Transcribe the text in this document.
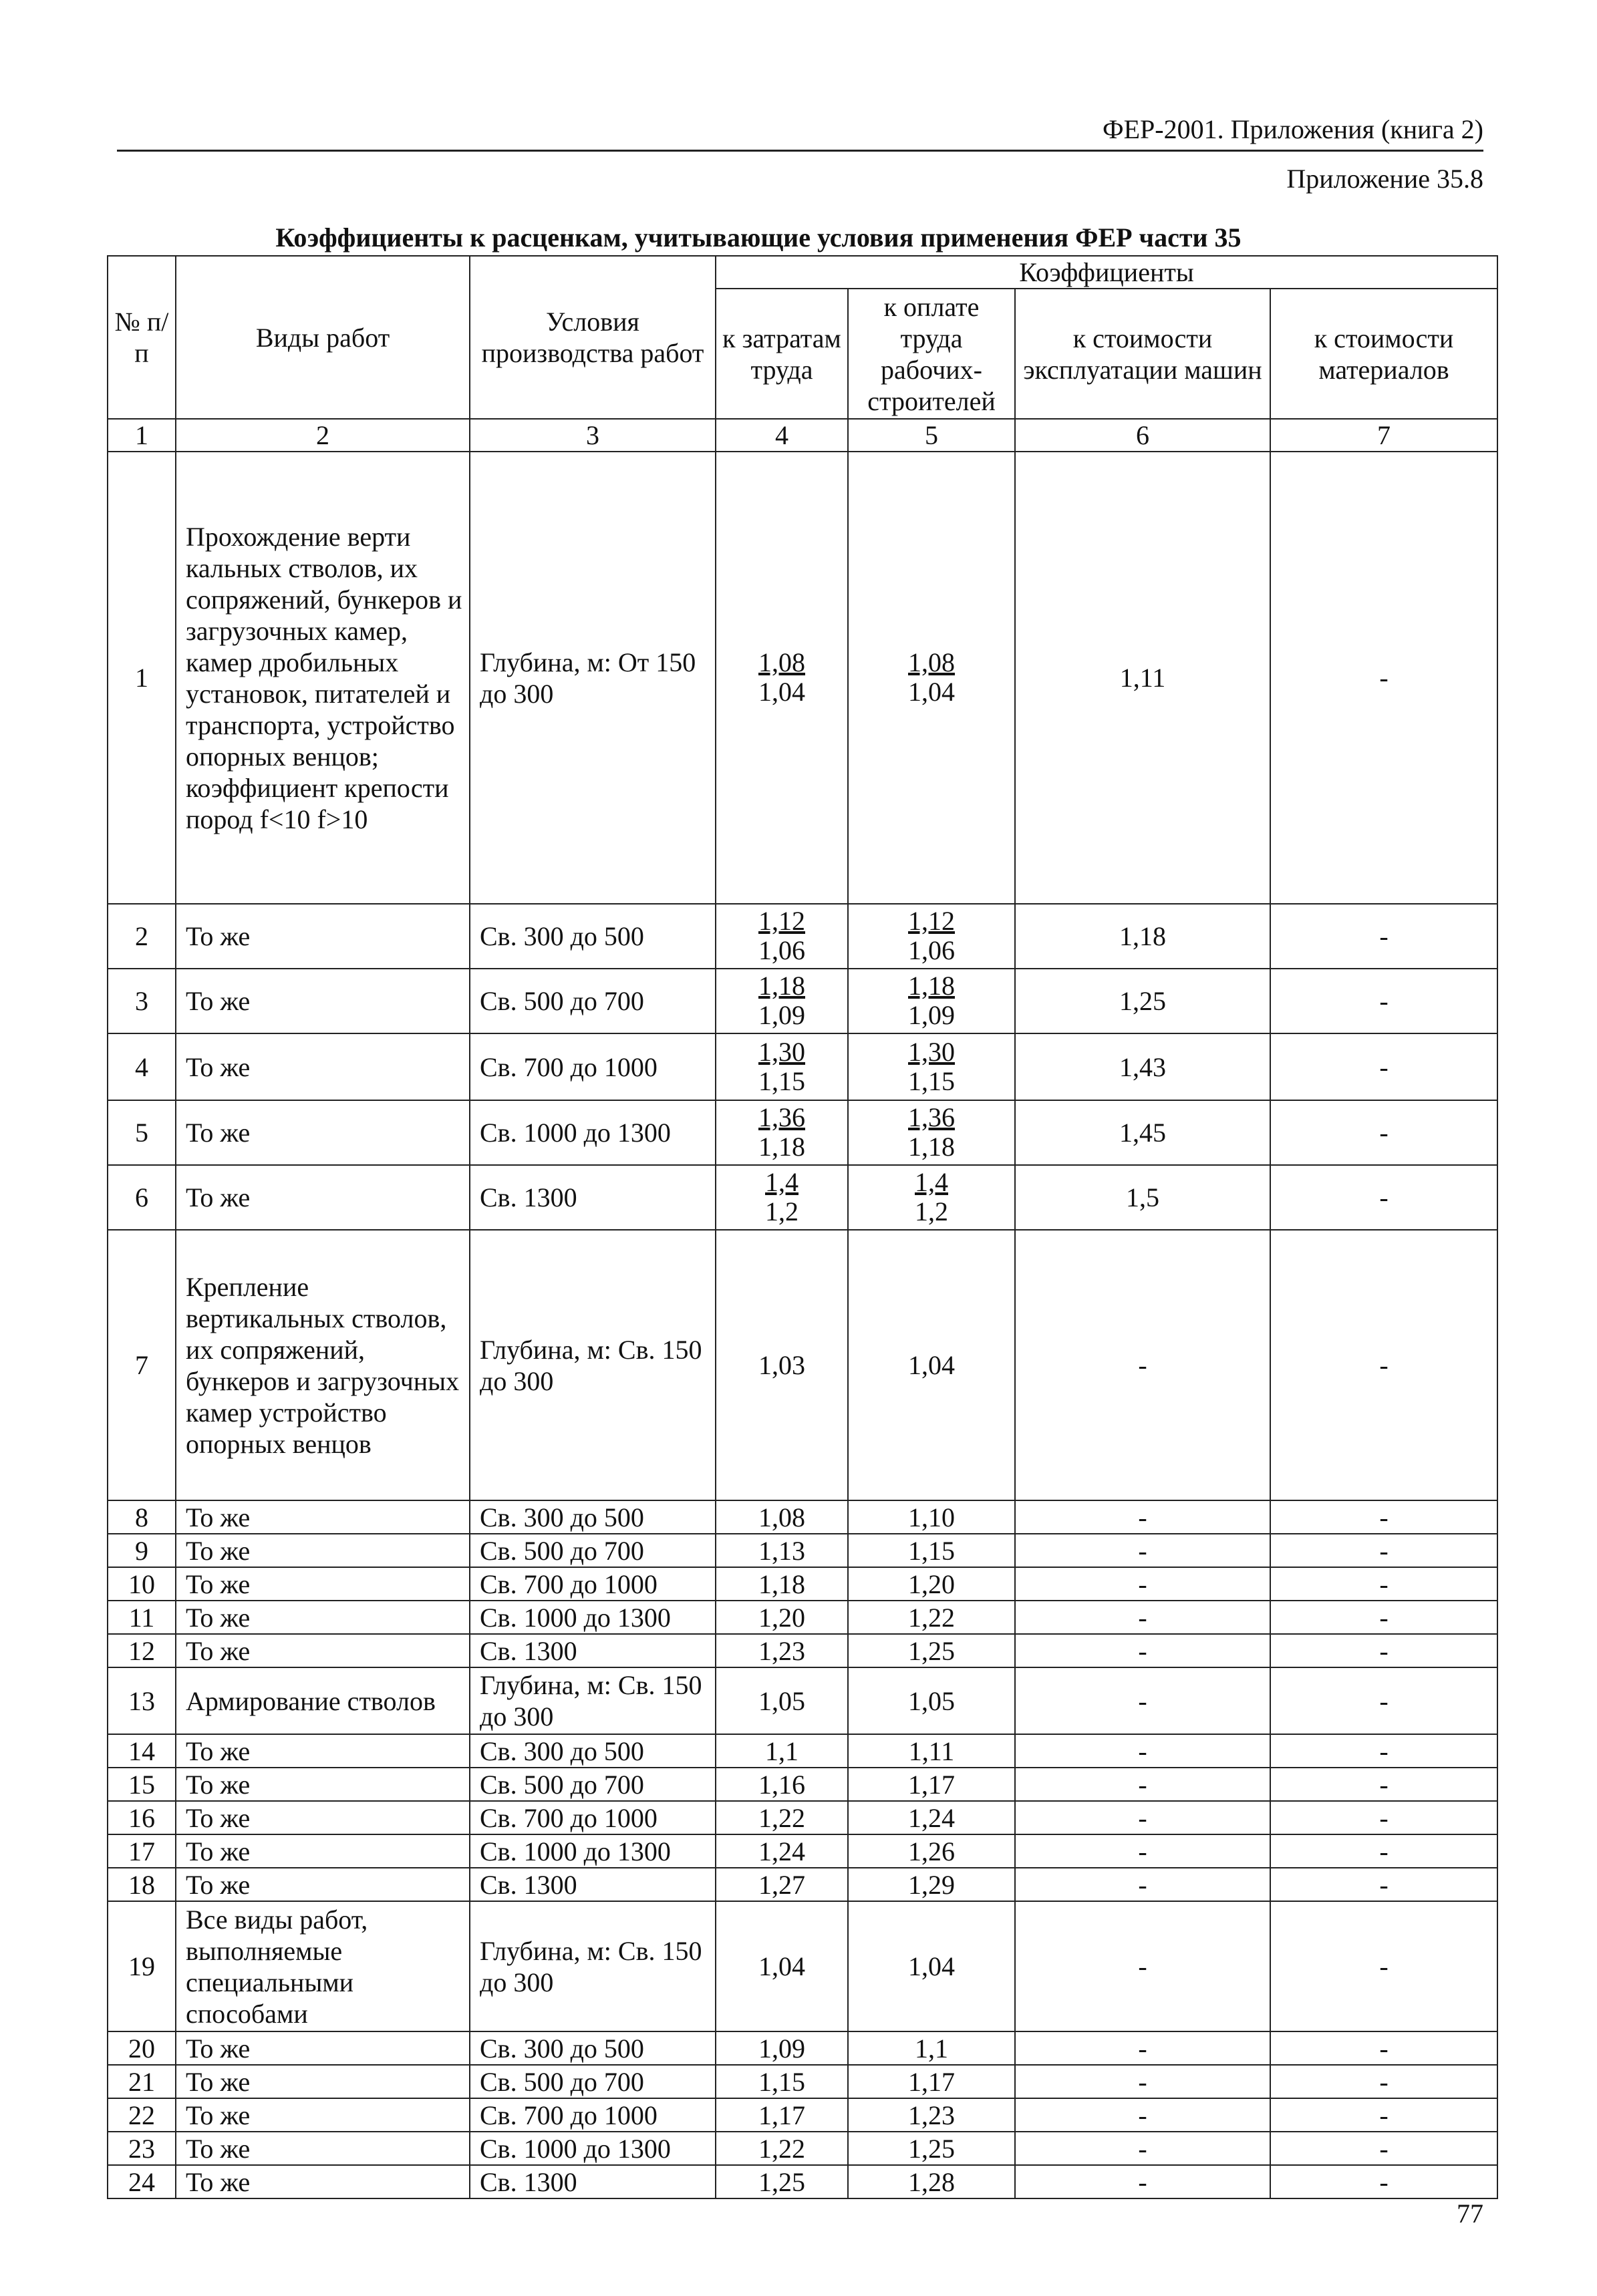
ФЕР-2001. Приложения (книга 2)
Приложение 35.8
Коэффициенты к расценкам, учитывающие условия применения ФЕР части 35
№ п/п	Виды работ	Условия производства работ	Коэффициенты			
			к затратам труда	к оплате труда рабочих-строителей	к стоимости эксплуатации машин	к стоимости материалов
1	2	3	4	5	6	7
1	Прохождение верти кальных стволов, их сопряжений, бункеров и загрузочных камер, камер дробильных установок, питателей и транспорта, устройство опорных венцов; коэффициент крепости пород f<10 f>10	Глубина, м: От 150 до 300	$\frac{1,08}{1,04}$	$\frac{1,08}{1,04}$	1,11	-
2	То же	Св. 300 до 500	$\frac{1,12}{1,06}$	$\frac{1,12}{1,06}$	1,18	-
3	То же	Св. 500 до 700	$\frac{1,18}{1,09}$	$\frac{1,18}{1,09}$	1,25	-
4	То же	Св. 700 до 1000	$\frac{1,30}{1,15}$	$\frac{1,30}{1,15}$	1,43	-
5	То же	Св. 1000 до 1300	$\frac{1,36}{1,18}$	$\frac{1,36}{1,18}$	1,45	-
6	То же	Св. 1300	$\frac{1,4}{1,2}$	$\frac{1,4}{1,2}$	1,5	-
7	Крепление вертикальных стволов, их сопряжений, бункеров и загрузочных камер устройство опорных венцов	Глубина, м: Св. 150 до 300	1,03	1,04	-	-
8	То же	Св. 300 до 500	1,08	1,10	-	-
9	То же	Св. 500 до 700	1,13	1,15	-	-
10	То же	Св. 700 до 1000	1,18	1,20	-	-
11	То же	Св. 1000 до 1300	1,20	1,22	-	-
12	То же	Св. 1300	1,23	1,25	-	-
13	Армирование стволов	Глубина, м: Св. 150 до 300	1,05	1,05	-	-
14	То же	Св. 300 до 500	1,1	1,11	-	-
15	То же	Св. 500 до 700	1,16	1,17	-	-
16	То же	Св. 700 до 1000	1,22	1,24	-	-
17	То же	Св. 1000 до 1300	1,24	1,26	-	-
18	То же	Св. 1300	1,27	1,29	-	-
19	Все виды работ, выполняемые специальными способами	Глубина, м: Св. 150 до 300	1,04	1,04	-	-
20	То же	Св. 300 до 500	1,09	1,1	-	-
21	То же	Св. 500 до 700	1,15	1,17	-	-
22	То же	Св. 700 до 1000	1,17	1,23	-	-
23	То же	Св. 1000 до 1300	1,22	1,25	-	-
24	То же	Св. 1300	1,25	1,28	-	-
77
